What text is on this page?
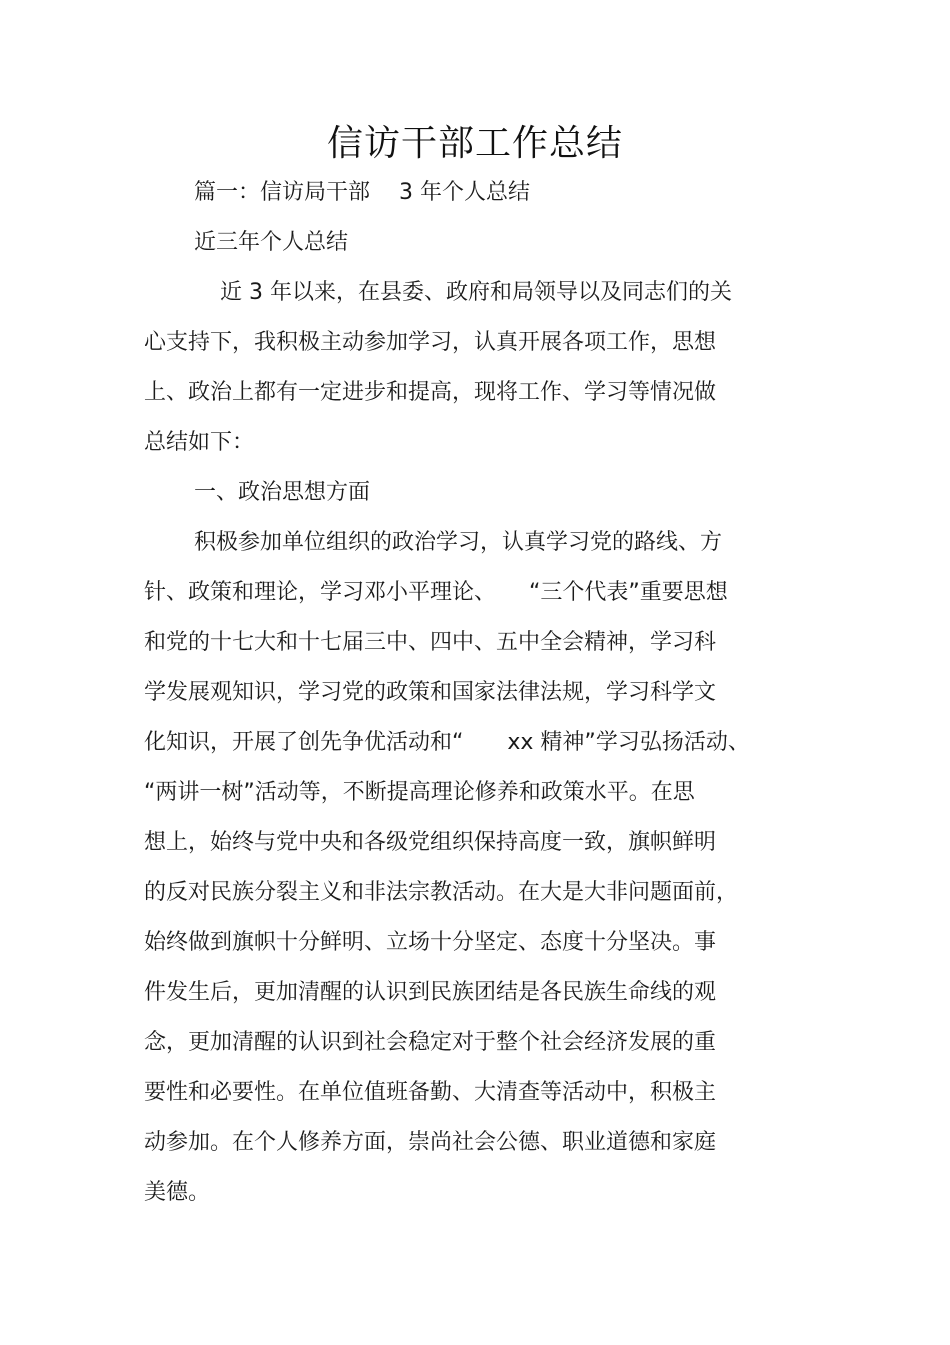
信访干部工作总结
篇一：信访局干部　 3 年个人总结
近三年个人总结
近 3 年以来，在县委、政府和局领导以及同志们的关
心支持下，我积极主动参加学习，认真开展各项工作，思想
上、政治上都有一定进步和提高，现将工作、学习等情况做
总结如下：
一、政治思想方面
积极参加单位组织的政治学习，认真学习党的路线、方
针、政策和理论，学习邓小平理论、　　“三个代表”重要思想
和党的十七大和十七届三中、四中、五中全会精神，学习科
学发展观知识，学习党的政策和国家法律法规，学习科学文
化知识，开展了创先争优活动和“　　xx 精神”学习弘扬活动、
“两讲一树”活动等，不断提高理论修养和政策水平。在思
想上，始终与党中央和各级党组织保持高度一致，旗帜鲜明
的反对民族分裂主义和非法宗教活动。在大是大非问题面前，
始终做到旗帜十分鲜明、立场十分坚定、态度十分坚决。事
件发生后，更加清醒的认识到民族团结是各民族生命线的观
念，更加清醒的认识到社会稳定对于整个社会经济发展的重
要性和必要性。在单位值班备勤、大清查等活动中，积极主
动参加。在个人修养方面，崇尚社会公德、职业道德和家庭
美德。
